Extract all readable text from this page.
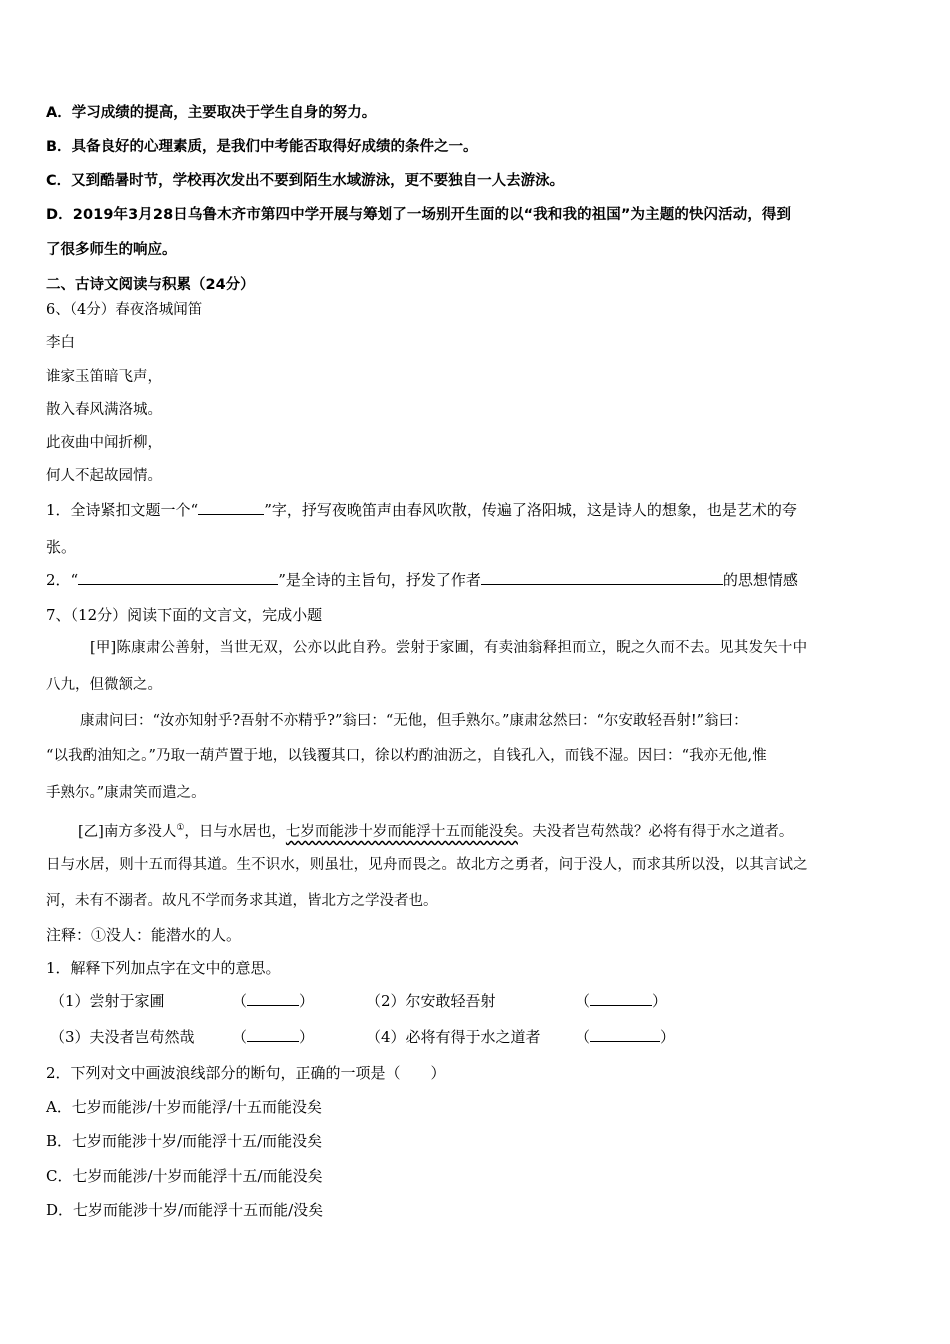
A．学习成绩的提高，主要取决于学生自身的努力。
B．具备良好的心理素质，是我们中考能否取得好成绩的条件之一。
C．又到酷暑时节，学校再次发出不要到陌生水域游泳，更不要独自一人去游泳。
D．2019年3月28日乌鲁木齐市第四中学开展与筹划了一场别开生面的以“我和我的祖国”为主题的快闪活动，得到
了很多师生的响应。
二、古诗文阅读与积累（24分）
6、（4分）春夜洛城闻笛
李白
谁家玉笛暗飞声，
散入春风满洛城。
此夜曲中闻折柳，
何人不起故园情。
1．全诗紧扣文题一个“	”字，抒写夜晚笛声由春风吹散，传遍了洛阳城，这是诗人的想象，也是艺术的夸
张。
2．“	”是全诗的主旨句，抒发了作者	的思想情感
7、（12分）阅读下面的文言文，完成小题
[甲]陈康肃公善射，当世无双，公亦以此自矜。尝射于家圃，有卖油翁释担而立，睨之久而不去。见其发矢十中
八九，但微颔之。
康肃问曰：“汝亦知射乎?吾射不亦精乎?”翁曰：“无他，但手熟尔。”康肃忿然曰：“尔安敢轻吾射!”翁曰：
“以我酌油知之。”乃取一葫芦置于地，以钱覆其口，徐以杓酌油沥之，自钱孔入，而钱不湿。因曰：“我亦无他,惟
手熟尔。”康肃笑而遣之。
[乙]南方多没人①，日与水居也，七岁而能涉十岁而能浮十五而能没矣。夫没者岂苟然哉？必将有得于水之道者。
日与水居，则十五而得其道。生不识水，则虽壮，见舟而畏之。故北方之勇者，问于没人，而求其所以没，以其言试之
河，未有不溺者。故凡不学而务求其道，皆北方之学没者也。
注释：①没人：能潜水的人。
1．解释下列加点字在文中的意思。
（1）尝射于家圃	（	）	（2）尔安敢轻吾射	（	）
（3）夫没者岂苟然哉 （	）	（4）必将有得于水之道者 （	）
2．下列对文中画波浪线部分的断句，正确的一项是（　　）
A．七岁而能涉/十岁而能浮/十五而能没矣
B．七岁而能涉十岁/而能浮十五/而能没矣
C．七岁而能涉/十岁而能浮十五/而能没矣
D．七岁而能涉十岁/而能浮十五而能/没矣
